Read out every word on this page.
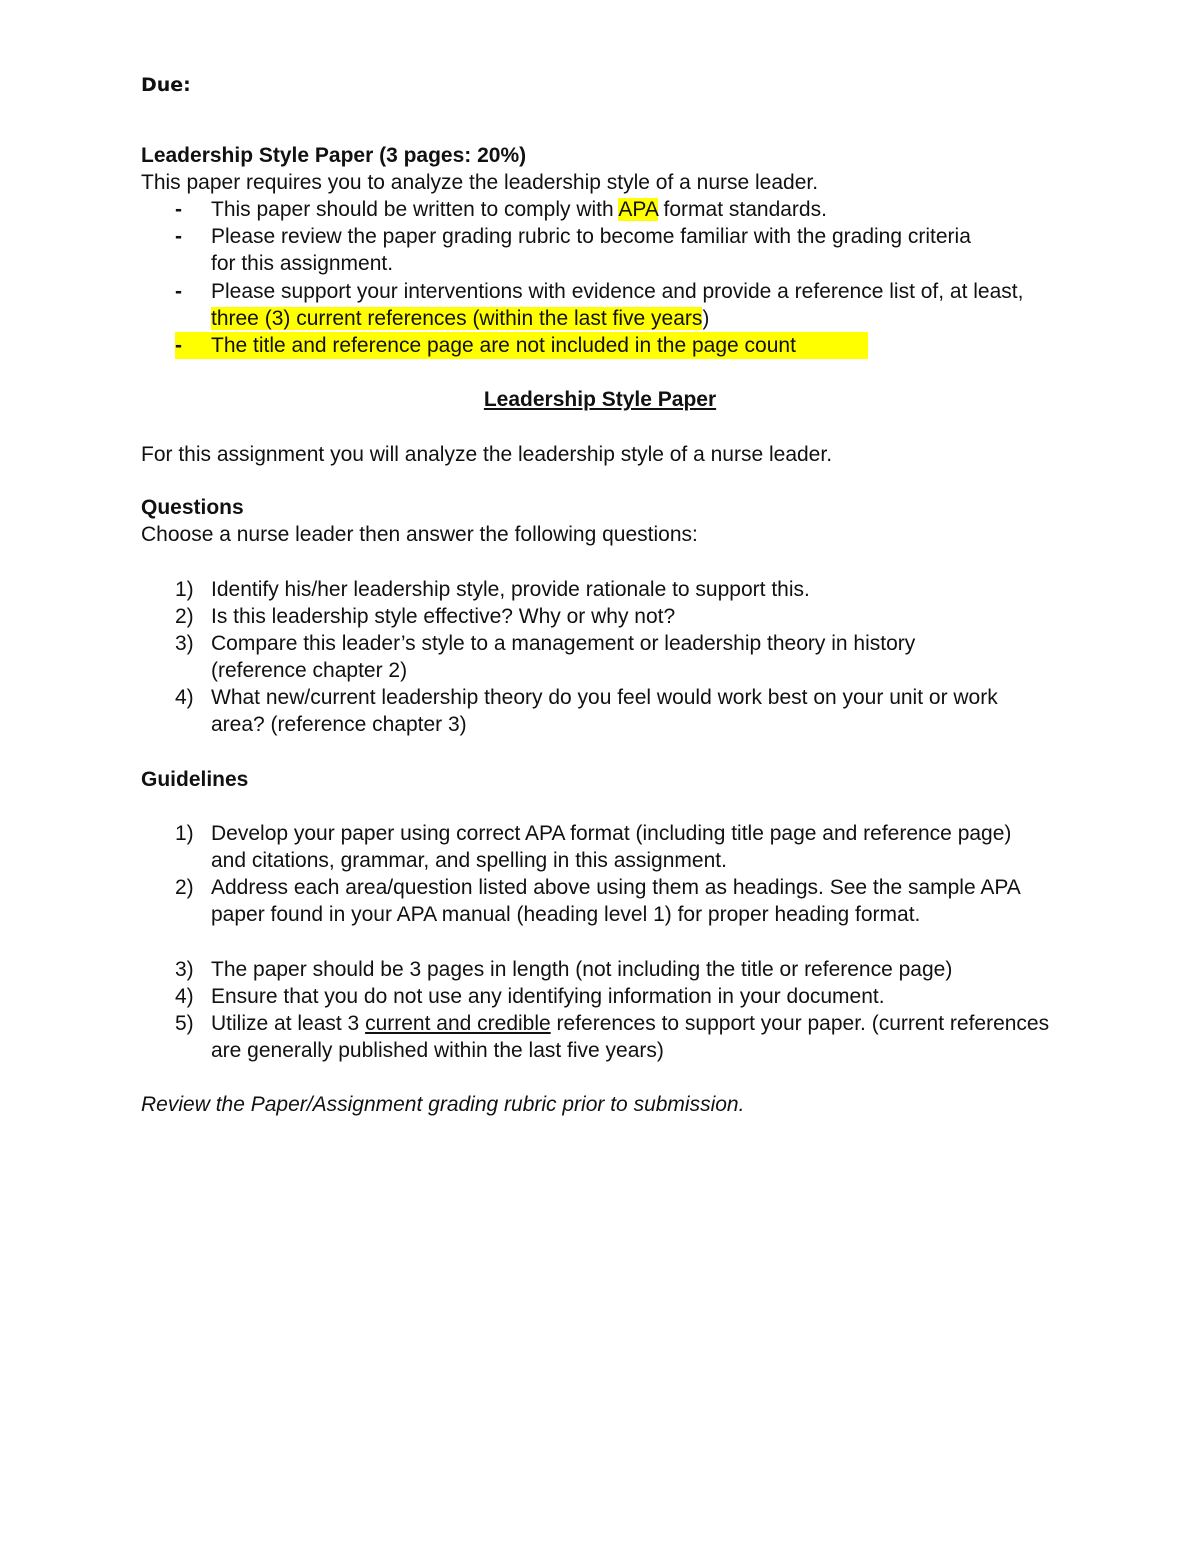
Due:
Leadership Style Paper (3 pages: 20%)
This paper requires you to analyze the leadership style of a nurse leader.
- This paper should be written to comply with APA format standards.
- Please review the paper grading rubric to become familiar with the grading criteria for this assignment.
- Please support your interventions with evidence and provide a reference list of, at least, three (3) current references (within the last five years)
- The title and reference page are not included in the page count
Leadership Style Paper
For this assignment you will analyze the leadership style of a nurse leader.
Questions
Choose a nurse leader then answer the following questions:
1) Identify his/her leadership style, provide rationale to support this.
2) Is this leadership style effective? Why or why not?
3) Compare this leader’s style to a management or leadership theory in history (reference chapter 2)
4) What new/current leadership theory do you feel would work best on your unit or work area? (reference chapter 3)
Guidelines
1) Develop your paper using correct APA format (including title page and reference page) and citations, grammar, and spelling in this assignment.
2) Address each area/question listed above using them as headings. See the sample APA paper found in your APA manual (heading level 1) for proper heading format.
3) The paper should be 3 pages in length (not including the title or reference page)
4) Ensure that you do not use any identifying information in your document.
5) Utilize at least 3 current and credible references to support your paper. (current references are generally published within the last five years)
Review the Paper/Assignment grading rubric prior to submission.
